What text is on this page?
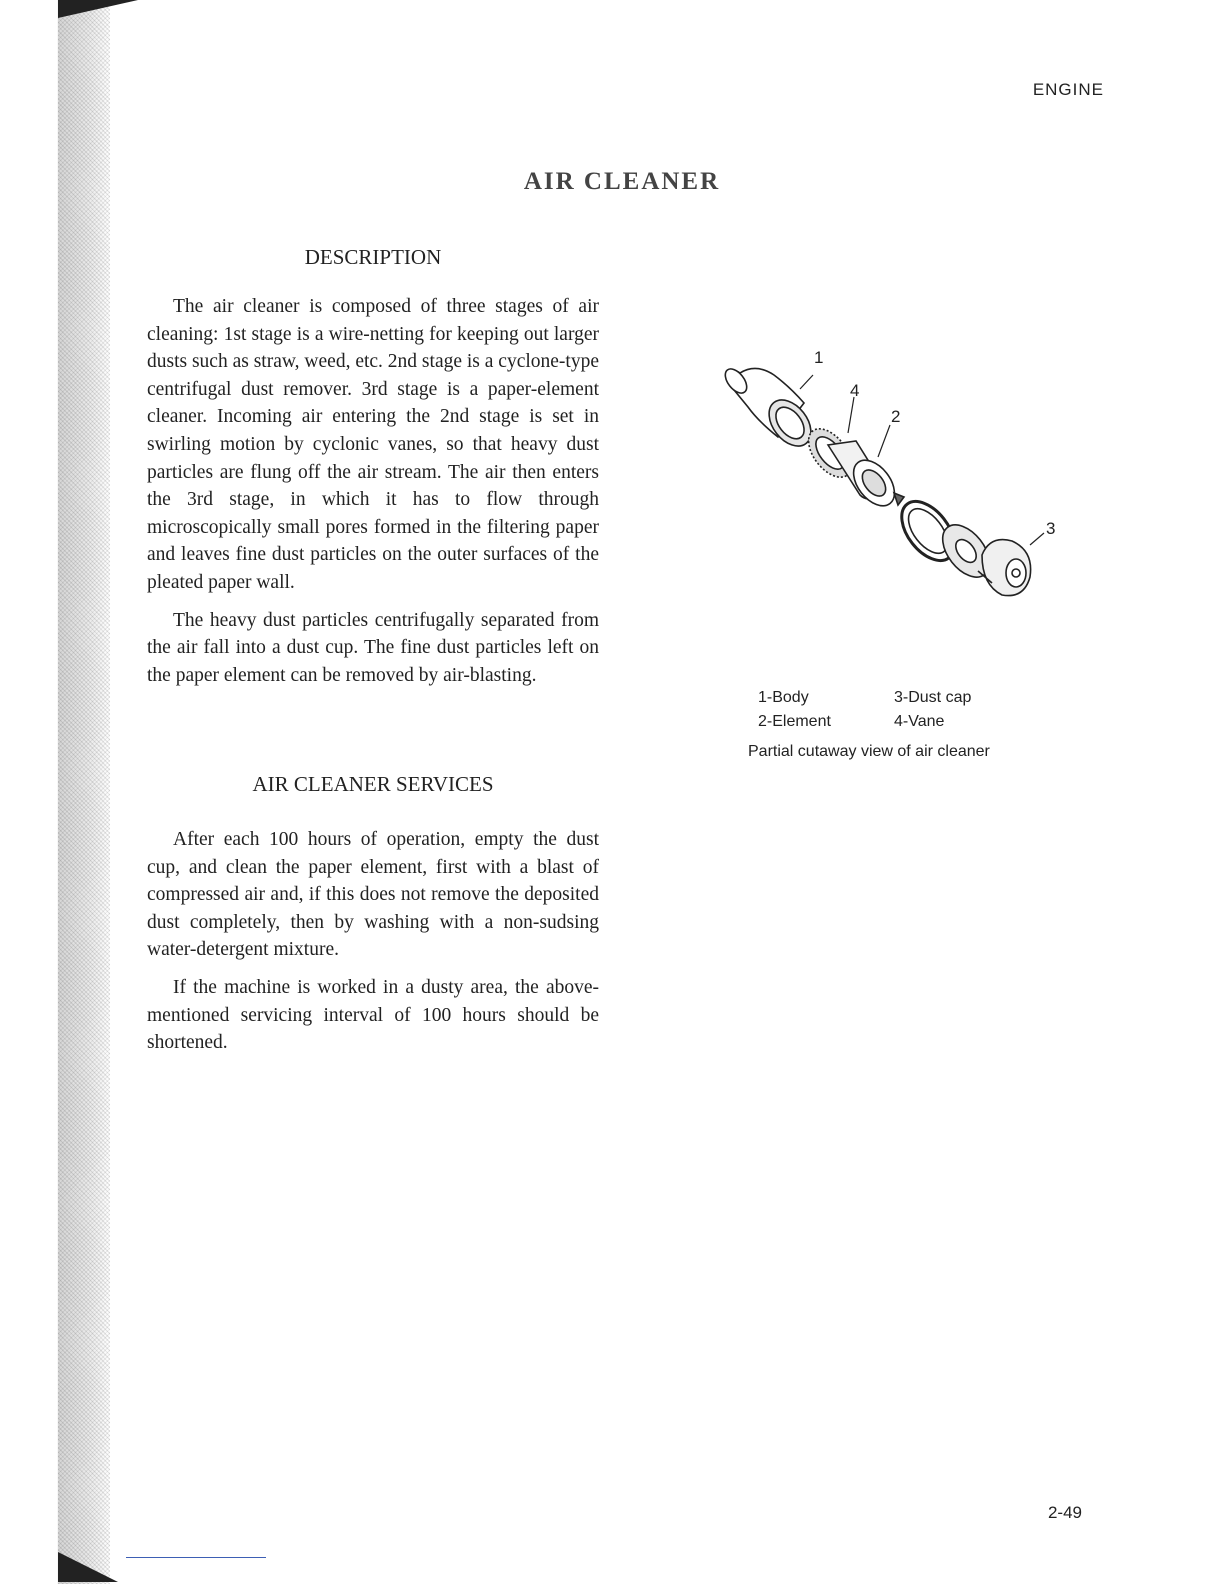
ENGINE
AIR CLEANER
DESCRIPTION

The air cleaner is composed of three stages of air cleaning: 1st stage is a wire-netting for keeping out larger dusts such as straw, weed, etc. 2nd stage is a cyclone-type centrifugal dust remover. 3rd stage is a paper-element cleaner. Incoming air entering the 2nd stage is set in swirling motion by cyclonic vanes, so that heavy dust particles are flung off the air stream. The air then enters the 3rd stage, in which it has to flow through microscopically small pores formed in the filtering paper and leaves fine dust particles on the outer surfaces of the pleated paper wall.

The heavy dust particles centrifugally separated from the air fall into a dust cup. The fine dust particles left on the paper element can be removed by air-blasting.

AIR CLEANER SERVICES

After each 100 hours of operation, empty the dust cup, and clean the paper element, first with a blast of compressed air and, if this does not remove the deposited dust completely, then by washing with a non-sudsing water-detergent mixture.

If the machine is worked in a dusty area, the above-mentioned servicing interval of 100 hours should be shortened.

1
4
2
3
1-Body	3-Dust cap
2-Element	4-Vane
Partial cutaway view of air cleaner
2-49
